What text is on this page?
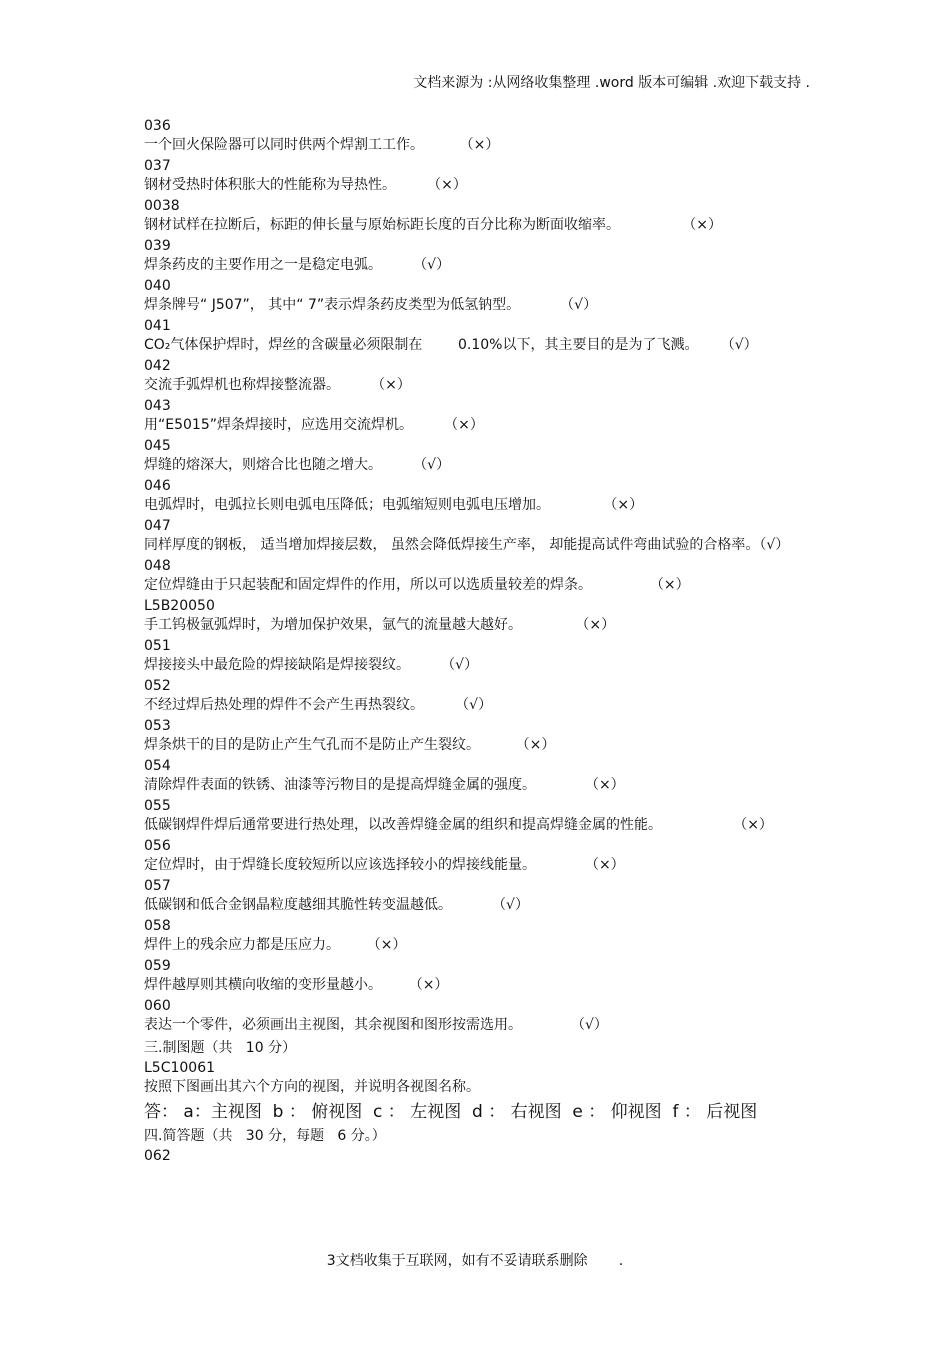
文档来源为 :从网络收集整理 .word 版本可编辑 .欢迎下载支持 .
036
一个回火保险器可以同时供两个焊割工工作。        （×）
037
钢材受热时体积胀大的性能称为导热性。       （×）
0038
钢材试样在拉断后，标距的伸长量与原始标距长度的百分比称为断面收缩率。              （×）
039
焊条药皮的主要作用之一是稳定电弧。       （√）
040
焊条牌号“ J507”， 其中“ 7”表示焊条药皮类型为低氢钠型。         （√）
041
CO₂气体保护焊时，焊丝的含碳量必须限制在        0.10%以下，其主要目的是为了飞溅。     （√）
042
交流手弧焊机也称焊接整流器。       （×）
043
用“E5015”焊条焊接时，应选用交流焊机。       （×）
045
焊缝的熔深大，则熔合比也随之增大。       （√）
046
电弧焊时，电弧拉长则电弧电压降低；电弧缩短则电弧电压增加。            （×）
047
同样厚度的钢板， 适当增加焊接层数， 虽然会降低焊接生产率， 却能提高试件弯曲试验的合格率。（√）
048
定位焊缝由于只起装配和固定焊件的作用，所以可以选质量较差的焊条。             （×）
L5B20050
手工钨极氩弧焊时，为增加保护效果，氩气的流量越大越好。            （×）
051
焊接接头中最危险的焊接缺陷是焊接裂纹。       （√）
052
不经过焊后热处理的焊件不会产生再热裂纹。       （√）
053
焊条烘干的目的是防止产生气孔而不是防止产生裂纹。        （×）
054
清除焊件表面的铁锈、油漆等污物目的是提高焊缝金属的强度。           （×）
055
低碳钢焊件焊后通常要进行热处理，以改善焊缝金属的组织和提高焊缝金属的性能。                （×）
056
定位焊时，由于焊缝长度较短所以应该选择较小的焊接线能量。           （×）
057
低碳钢和低合金钢晶粒度越细其脆性转变温越低。         （√）
058
焊件上的残余应力都是压应力。      （×）
059
焊件越厚则其横向收缩的变形量越小。      （×）
060
表达一个零件，必须画出主视图，其余视图和图形按需选用。           （√）
三.制图题（共   10 分）
L5C10061
按照下图画出其六个方向的视图，并说明各视图名称。
答： a：主视图  b ： 俯视图  c ： 左视图  d ： 右视图  e ： 仰视图  f ： 后视图
四.简答题（共   30 分，每题   6 分。）
062
3文档收集于互联网，如有不妥请联系删除       .
